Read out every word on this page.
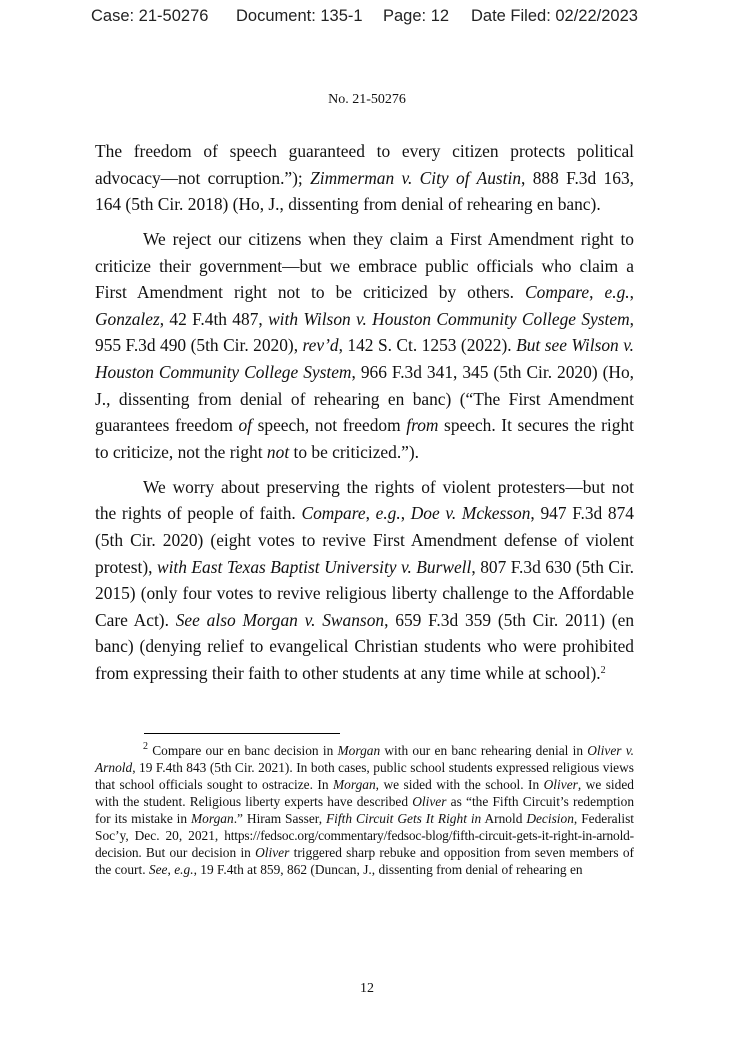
Case: 21-50276 Document: 135-1 Page: 12 Date Filed: 02/22/2023
No. 21-50276

The freedom of speech guaranteed to every citizen protects political advocacy—not corruption.”); Zimmerman v. City of Austin, 888 F.3d 163, 164 (5th Cir. 2018) (Ho, J., dissenting from denial of rehearing en banc).

We reject our citizens when they claim a First Amendment right to criticize their government—but we embrace public officials who claim a First Amendment right not to be criticized by others. Compare, e.g., Gonzalez, 42 F.4th 487, with Wilson v. Houston Community College System, 955 F.3d 490 (5th Cir. 2020), rev’d, 142 S. Ct. 1253 (2022). But see Wilson v. Houston Community College System, 966 F.3d 341, 345 (5th Cir. 2020) (Ho, J., dissenting from denial of rehearing en banc) (“The First Amendment guarantees freedom of speech, not freedom from speech. It secures the right to criticize, not the right not to be criticized.”).

We worry about preserving the rights of violent protesters—but not the rights of people of faith. Compare, e.g., Doe v. Mckesson, 947 F.3d 874 (5th Cir. 2020) (eight votes to revive First Amendment defense of violent protest), with East Texas Baptist University v. Burwell, 807 F.3d 630 (5th Cir. 2015) (only four votes to revive religious liberty challenge to the Affordable Care Act). See also Morgan v. Swanson, 659 F.3d 359 (5th Cir. 2011) (en banc) (denying relief to evangelical Christian students who were prohibited from expressing their faith to other students at any time while at school).$^2$

$^2$ Compare our en banc decision in Morgan with our en banc rehearing denial in Oliver v. Arnold, 19 F.4th 843 (5th Cir. 2021). In both cases, public school students expressed religious views that school officials sought to ostracize. In Morgan, we sided with the school. In Oliver, we sided with the student. Religious liberty experts have described Oliver as “the Fifth Circuit’s redemption for its mistake in Morgan.” Hiram Sasser, Fifth Circuit Gets It Right in Arnold Decision, Federalist Soc’y, Dec. 20, 2021, https://fedsoc.org/commentary/fedsoc-blog/fifth-circuit-gets-it-right-in-arnold-decision. But our decision in Oliver triggered sharp rebuke and opposition from seven members of the court. See, e.g., 19 F.4th at 859, 862 (Duncan, J., dissenting from denial of rehearing en

12
